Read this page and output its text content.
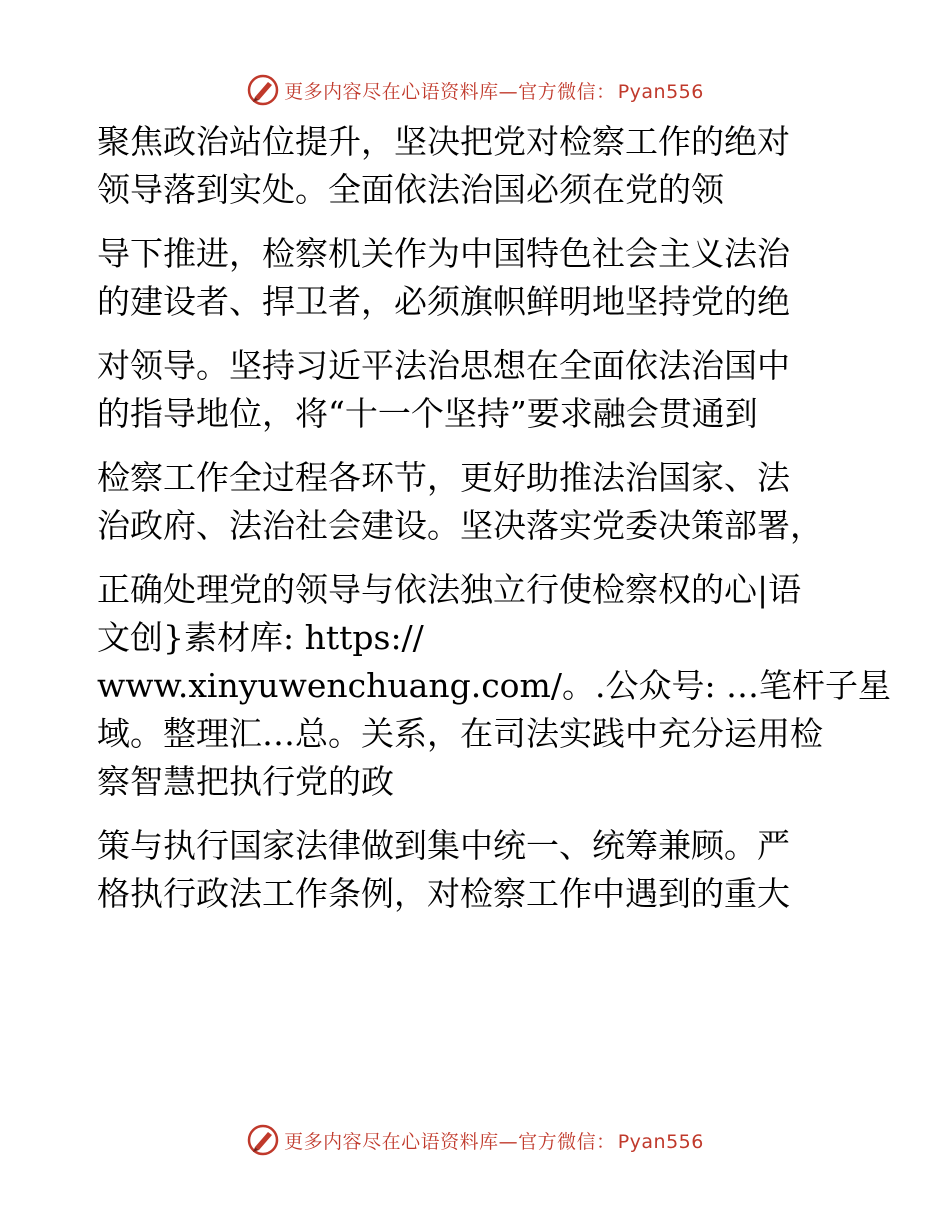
更多内容尽在心语资料库—官方微信： Pyan556

聚焦政治站位提升，坚决把党对检察工作的绝对
领导落到实处。全面依法治国必须在党的领

导下推进，检察机关作为中国特色社会主义法治
的建设者、捍卫者，必须旗帜鲜明地坚持党的绝

对领导。坚持习近平法治思想在全面依法治国中
的指导地位，将“十一个坚持”要求融会贯通到

检察工作全过程各环节，更好助推法治国家、法
治政府、法治社会建设。坚决落实党委决策部署，

正确处理党的领导与依法独立行使检察权的心|语
文创}素材库: https://
www.xinyuwenchuang.com/。.公众号: …笔杆子星
域。整理汇…总。关系，在司法实践中充分运用检
察智慧把执行党的政

策与执行国家法律做到集中统一、统筹兼顾。严
格执行政法工作条例，对检察工作中遇到的重大

更多内容尽在心语资料库—官方微信： Pyan556
